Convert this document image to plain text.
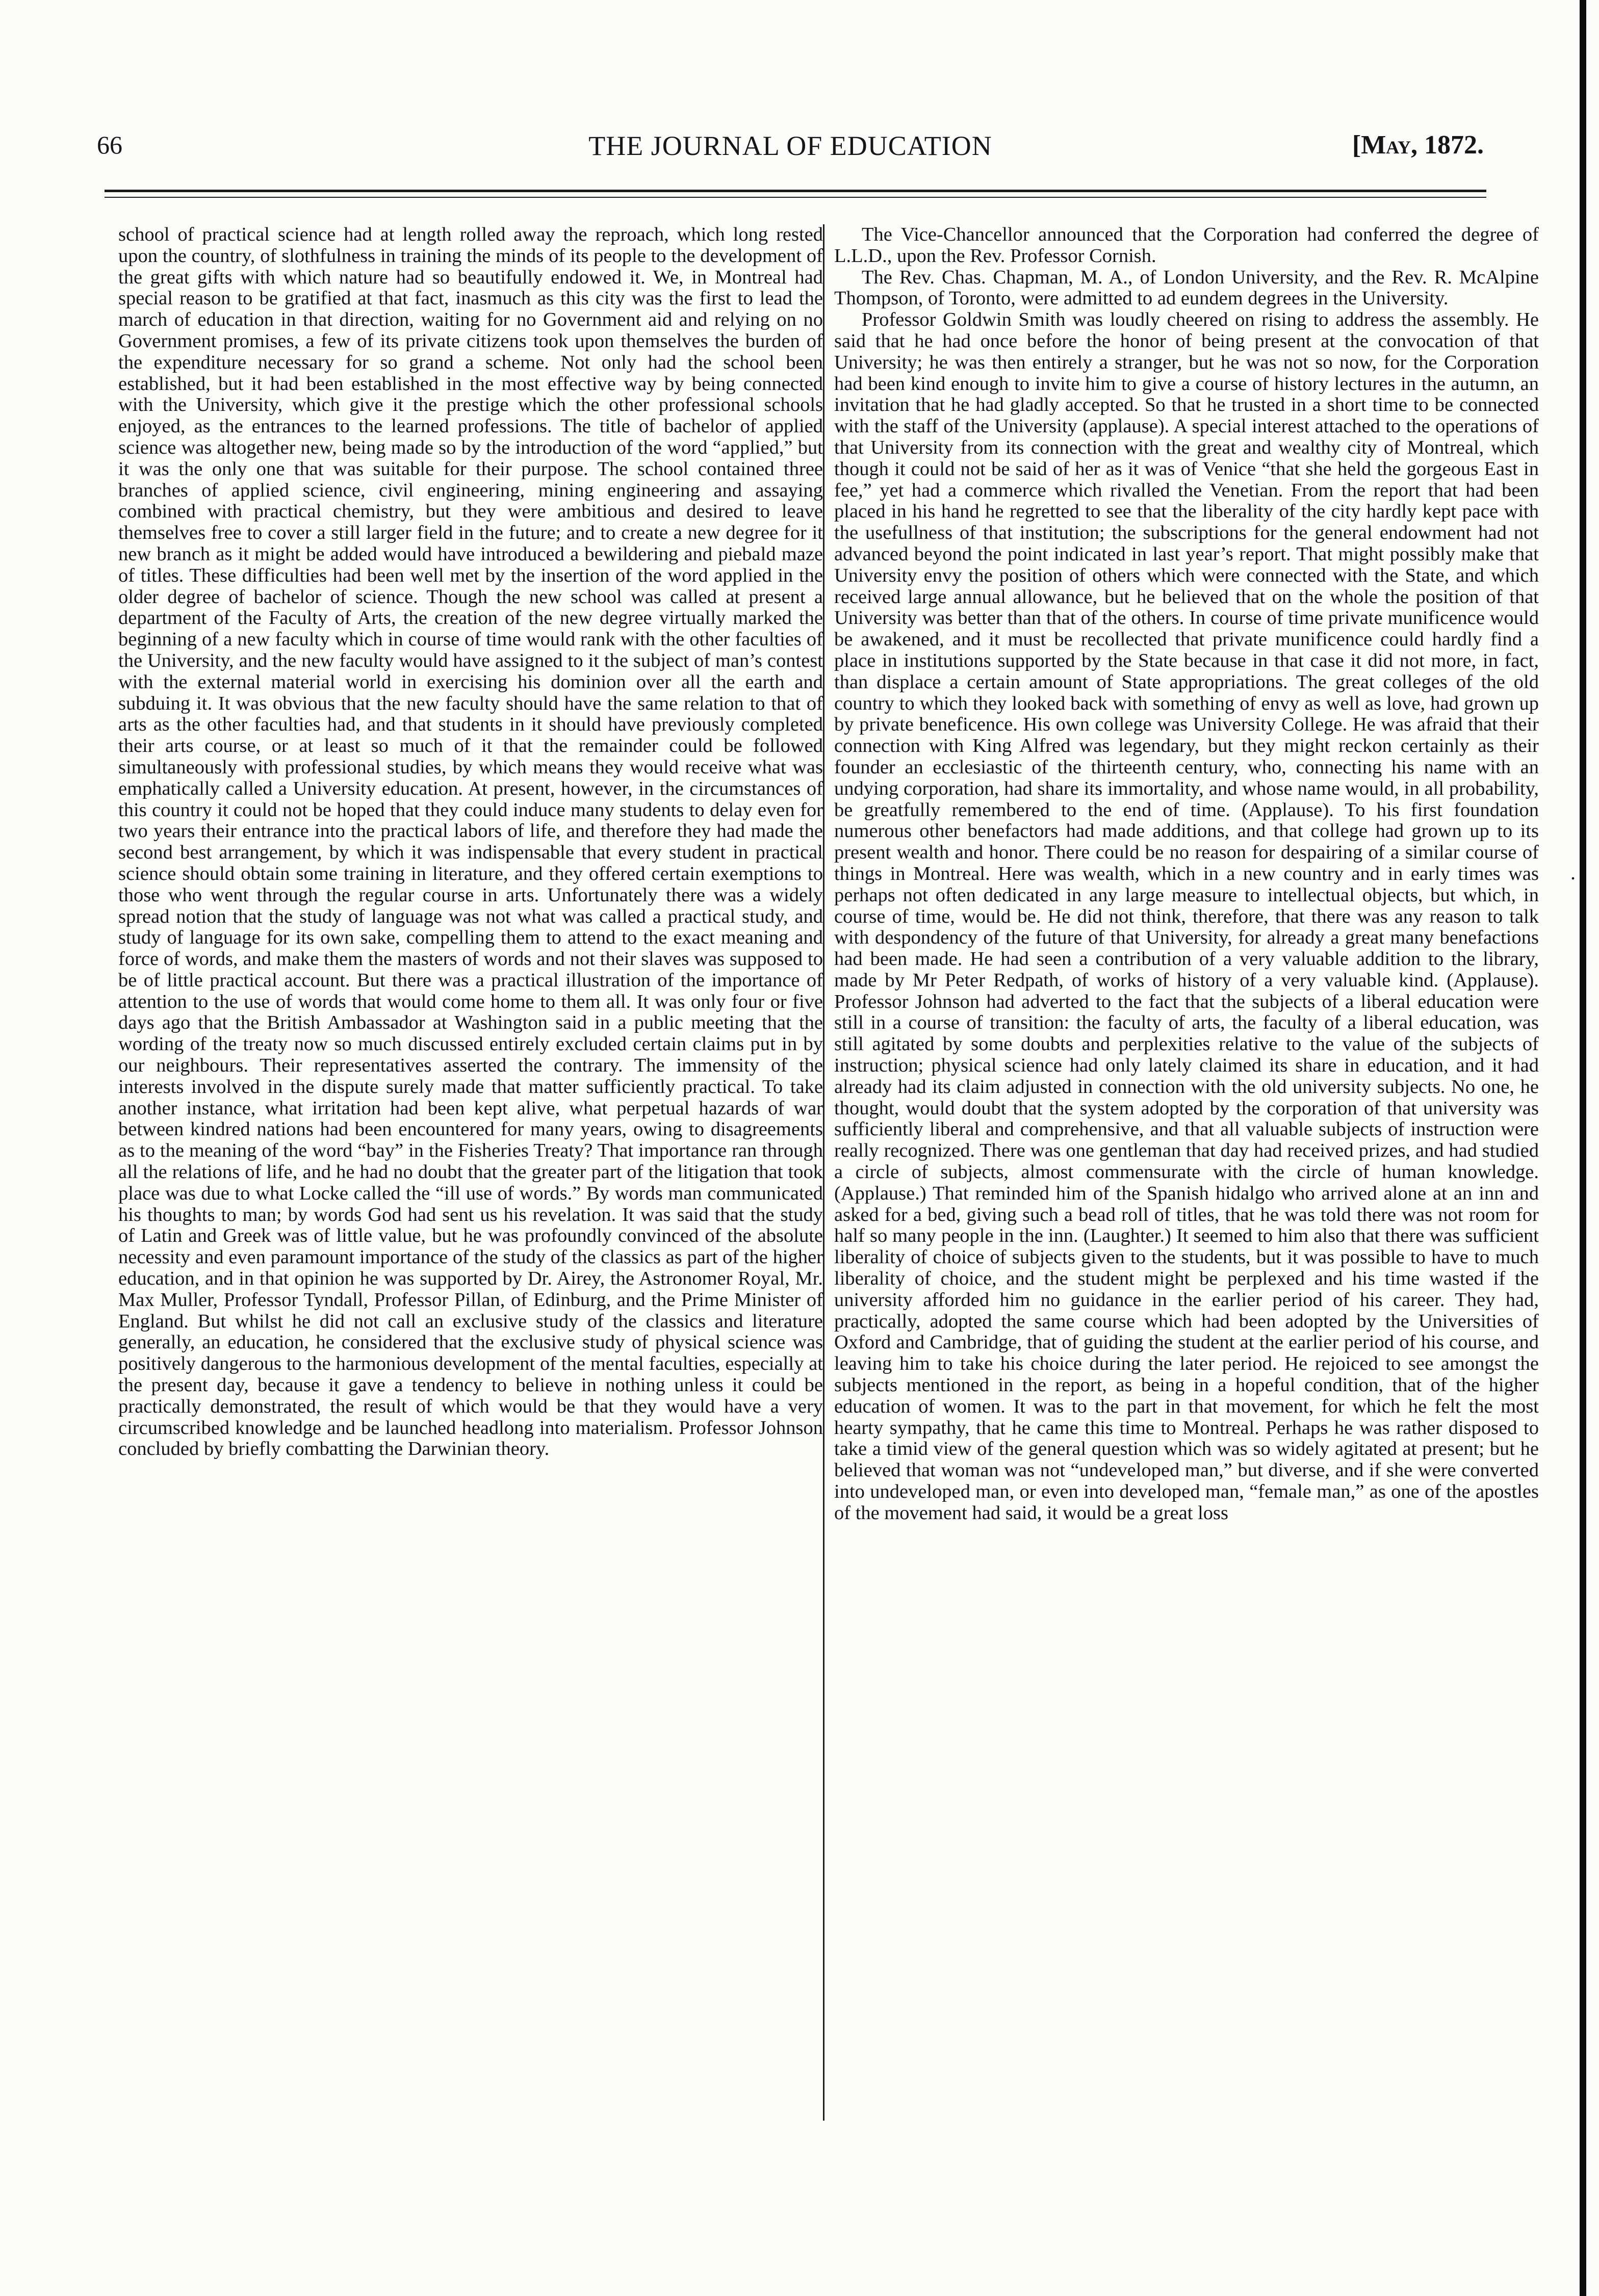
66	THE JOURNAL OF EDUCATION	[May, 1872.

school of practical science had at length rolled away the reproach, which long rested upon the country, of slothfulness in training the minds of its people to the development of the great gifts with which nature had so beautifully endowed it. We, in Montreal had special reason to be gratified at that fact, inasmuch as this city was the first to lead the march of education in that direction, waiting for no Government aid and relying on no Government promises, a few of its private citizens took upon themselves the burden of the expenditure necessary for so grand a scheme. Not only had the school been established, but it had been established in the most effective way by being connected with the University, which give it the prestige which the other professional schools enjoyed, as the entrances to the learned professions. The title of bachelor of applied science was altogether new, being made so by the introduction of the word “applied,” but it was the only one that was suitable for their purpose. The school contained three branches of applied science, civil engineering, mining engineering and assaying combined with practical chemistry, but they were ambitious and desired to leave themselves free to cover a still larger field in the future; and to create a new degree for it new branch as it might be added would have introduced a bewildering and piebald maze of titles. These difficulties had been well met by the insertion of the word applied in the older degree of bachelor of science. Though the new school was called at present a department of the Faculty of Arts, the creation of the new degree virtually marked the beginning of a new faculty which in course of time would rank with the other faculties of the University, and the new faculty would have assigned to it the subject of man’s contest with the external material world in exercising his dominion over all the earth and subduing it. It was obvious that the new faculty should have the same relation to that of arts as the other faculties had, and that students in it should have previously completed their arts course, or at least so much of it that the remainder could be followed simultaneously with professional studies, by which means they would receive what was emphatically called a University education. At present, however, in the circumstances of this country it could not be hoped that they could induce many students to delay even for two years their entrance into the practical labors of life, and therefore they had made the second best arrangement, by which it was indispensable that every student in practical science should obtain some training in literature, and they offered certain exemptions to those who went through the regular course in arts. Unfortunately there was a widely spread notion that the study of language was not what was called a practical study, and study of language for its own sake, compelling them to attend to the exact meaning and force of words, and make them the masters of words and not their slaves was supposed to be of little practical account. But there was a practical illustration of the importance of attention to the use of words that would come home to them all. It was only four or five days ago that the British Ambassador at Washington said in a public meeting that the wording of the treaty now so much discussed entirely excluded certain claims put in by our neighbours. Their representatives asserted the contrary. The immensity of the interests involved in the dispute surely made that matter sufficiently practical. To take another instance, what irritation had been kept alive, what perpetual hazards of war between kindred nations had been encountered for many years, owing to disagreements as to the meaning of the word “bay” in the Fisheries Treaty? That importance ran through all the relations of life, and he had no doubt that the greater part of the litigation that took place was due to what Locke called the “ill use of words.” By words man communicated his thoughts to man; by words God had sent us his revelation. It was said that the study of Latin and Greek was of little value, but he was profoundly convinced of the absolute necessity and even paramount importance of the study of the classics as part of the higher education, and in that opinion he was supported by Dr. Airey, the Astronomer Royal, Mr. Max Muller, Professor Tyndall, Professor Pillan, of Edinburg, and the Prime Minister of England. But whilst he did not call an exclusive study of the classics and literature generally, an education, he considered that the exclusive study of physical science was positively dangerous to the harmonious development of the mental faculties, especially at the present day, because it gave a tendency to believe in nothing unless it could be practically demonstrated, the result of which would be that they would have a very circumscribed knowledge and be launched headlong into materialism. Professor Johnson concluded by briefly combatting the Darwinian theory.

The Vice-Chancellor announced that the Corporation had conferred the degree of L.L.D., upon the Rev. Professor Cornish.

The Rev. Chas. Chapman, M. A., of London University, and the Rev. R. McAlpine Thompson, of Toronto, were admitted to ad eundem degrees in the University.

Professor Goldwin Smith was loudly cheered on rising to address the assembly. He said that he had once before the honor of being present at the convocation of that University; he was then entirely a stranger, but he was not so now, for the Corporation had been kind enough to invite him to give a course of history lectures in the autumn, an invitation that he had gladly accepted. So that he trusted in a short time to be connected with the staff of the University (applause). A special interest attached to the operations of that University from its connection with the great and wealthy city of Montreal, which though it could not be said of her as it was of Venice “that she held the gorgeous East in fee,” yet had a commerce which rivalled the Venetian. From the report that had been placed in his hand he regretted to see that the liberality of the city hardly kept pace with the usefullness of that institution; the subscriptions for the general endowment had not advanced beyond the point indicated in last year’s report. That might possibly make that University envy the position of others which were connected with the State, and which received large annual allowance, but he believed that on the whole the position of that University was better than that of the others. In course of time private munificence would be awakened, and it must be recollected that private munificence could hardly find a place in institutions supported by the State because in that case it did not more, in fact, than displace a certain amount of State appropriations. The great colleges of the old country to which they looked back with something of envy as well as love, had grown up by private beneficence. His own college was University College. He was afraid that their connection with King Alfred was legendary, but they might reckon certainly as their founder an ecclesiastic of the thirteenth century, who, connecting his name with an undying corporation, had share its immortality, and whose name would, in all probability, be greatfully remembered to the end of time. (Applause). To his first foundation numerous other benefactors had made additions, and that college had grown up to its present wealth and honor. There could be no reason for despairing of a similar course of things in Montreal. Here was wealth, which in a new country and in early times was perhaps not often dedicated in any large measure to intellectual objects, but which, in course of time, would be. He did not think, therefore, that there was any reason to talk with despondency of the future of that University, for already a great many benefactions had been made. He had seen a contribution of a very valuable addition to the library, made by Mr Peter Redpath, of works of history of a very valuable kind. (Applause). Professor Johnson had adverted to the fact that the subjects of a liberal education were still in a course of transition: the faculty of arts, the faculty of a liberal education, was still agitated by some doubts and perplexities relative to the value of the subjects of instruction; physical science had only lately claimed its share in education, and it had already had its claim adjusted in connection with the old university subjects. No one, he thought, would doubt that the system adopted by the corporation of that university was sufficiently liberal and comprehensive, and that all valuable subjects of instruction were really recognized. There was one gentleman that day had received prizes, and had studied a circle of subjects, almost commensurate with the circle of human knowledge. (Applause.) That reminded him of the Spanish hidalgo who arrived alone at an inn and asked for a bed, giving such a bead roll of titles, that he was told there was not room for half so many people in the inn. (Laughter.) It seemed to him also that there was sufficient liberality of choice of subjects given to the students, but it was possible to have to much liberality of choice, and the student might be perplexed and his time wasted if the university afforded him no guidance in the earlier period of his career. They had, practically, adopted the same course which had been adopted by the Universities of Oxford and Cambridge, that of guiding the student at the earlier period of his course, and leaving him to take his choice during the later period. He rejoiced to see amongst the subjects mentioned in the report, as being in a hopeful condition, that of the higher education of women. It was to the part in that movement, for which he felt the most hearty sympathy, that he came this time to Montreal. Perhaps he was rather disposed to take a timid view of the general question which was so widely agitated at present; but he believed that woman was not “undeveloped man,” but diverse, and if she were converted into undeveloped man, or even into developed man, “female man,” as one of the apostles of the movement had said, it would be a great loss

.
